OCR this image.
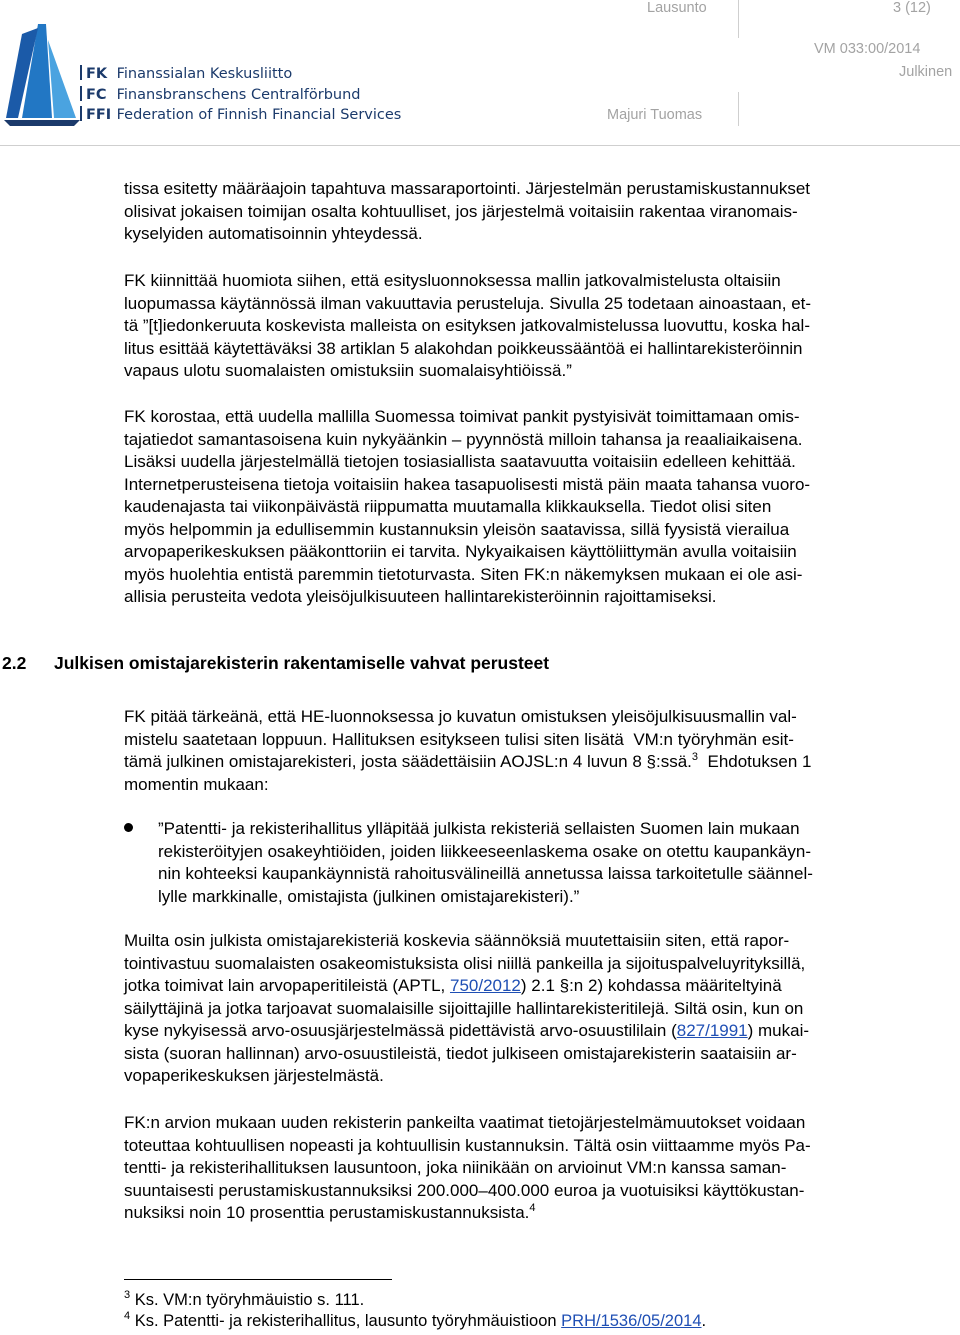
FK Finanssialan Keskusliitto
FC Finansbranschens Centralförbund
FFI Federation of Finnish Financial Services
Lausunto	3 (12)
VM 033:00/2014
Julkinen
Majuri Tuomas
tissa esitetty määräajoin tapahtuva massaraportointi. Järjestelmän perustamiskustannukset
olisivat jokaisen toimijan osalta kohtuulliset, jos järjestelmä voitaisiin rakentaa viranomais-
kyselyiden automatisoinnin yhteydessä.
FK kiinnittää huomiota siihen, että esitysluonnoksessa mallin jatkovalmistelusta oltaisiin
luopumassa käytännössä ilman vakuuttavia perusteluja. Sivulla 25 todetaan ainoastaan, et-
tä ”[t]iedonkeruuta koskevista malleista on esityksen jatkovalmistelussa luovuttu, koska hal-
litus esittää käytettäväksi 38 artiklan 5 alakohdan poikkeussääntöä ei hallintarekisteröinnin
vapaus ulotu suomalaisten omistuksiin suomalaisyhtiöissä.”
FK korostaa, että uudella mallilla Suomessa toimivat pankit pystyisivät toimittamaan omis-
tajatiedot samantasoisena kuin nykyäänkin – pyynnöstä milloin tahansa ja reaaliaikaisena.
Lisäksi uudella järjestelmällä tietojen tosiasiallista saatavuutta voitaisiin edelleen kehittää.
Internetperusteisena tietoja voitaisiin hakea tasapuolisesti mistä päin maata tahansa vuoro-
kaudenajasta tai viikonpäivästä riippumatta muutamalla klikkauksella. Tiedot olisi siten
myös helpommin ja edullisemmin kustannuksin yleisön saatavissa, sillä fyysistä vierailua
arvopaperikeskuksen pääkonttoriin ei tarvita. Nykyaikaisen käyttöliittymän avulla voitaisiin
myös huolehtia entistä paremmin tietoturvasta. Siten FK:n näkemyksen mukaan ei ole asi-
allisia perusteita vedota yleisöjulkisuuteen hallintarekisteröinnin rajoittamiseksi.
2.2 Julkisen omistajarekisterin rakentamiselle vahvat perusteet
FK pitää tärkeänä, että HE-luonnoksessa jo kuvatun omistuksen yleisöjulkisuusmallin val-
mistelu saatetaan loppuun. Hallituksen esitykseen tulisi siten lisätä  VM:n työryhmän esit-
tämä julkinen omistajarekisteri, josta säädettäisiin AOJSL:n 4 luvun 8 §:ssä.$^3$  Ehdotuksen 1
momentin mukaan:
”Patentti- ja rekisterihallitus ylläpitää julkista rekisteriä sellaisten Suomen lain mukaan
rekisteröityjen osakeyhtiöiden, joiden liikkeeseenlaskema osake on otettu kaupankäyn-
nin kohteeksi kaupankäynnistä rahoitusvälineillä annetussa laissa tarkoitetulle säännel-
lylle markkinalle, omistajista (julkinen omistajarekisteri).”
Muilta osin julkista omistajarekisteriä koskevia säännöksiä muutettaisiin siten, että rapor-
tointivastuu suomalaisten osakeomistuksista olisi niillä pankeilla ja sijoituspalveluyrityksillä,
jotka toimivat lain arvopaperitileistä (APTL, 750/2012) 2.1 §:n 2) kohdassa määriteltyinä
säilyttäjinä ja jotka tarjoavat suomalaisille sijoittajille hallintarekisteritilejä. Siltä osin, kun on
kyse nykyisessä arvo-osuusjärjestelmässä pidettävistä arvo-osuustililain (827/1991) mukai-
sista (suoran hallinnan) arvo-osuustileistä, tiedot julkiseen omistajarekisterin saataisiin ar-
vopaperikeskuksen järjestelmästä.
FK:n arvion mukaan uuden rekisterin pankeilta vaatimat tietojärjestelmämuutokset voidaan
toteuttaa kohtuullisen nopeasti ja kohtuullisin kustannuksin. Tältä osin viittaamme myös Pa-
tentti- ja rekisterihallituksen lausuntoon, joka niinikään on arvioinut VM:n kanssa saman-
suuntaisesti perustamiskustannuksiksi 200.000–400.000 euroa ja vuotuisiksi käyttökustan-
nuksiksi noin 10 prosenttia perustamiskustannuksista.$^4$
$^3$ Ks. VM:n työryhmäuistio s. 111.
$^4$ Ks. Patentti- ja rekisterihallitus, lausunto työryhmäuistioon PRH/1536/05/2014.
